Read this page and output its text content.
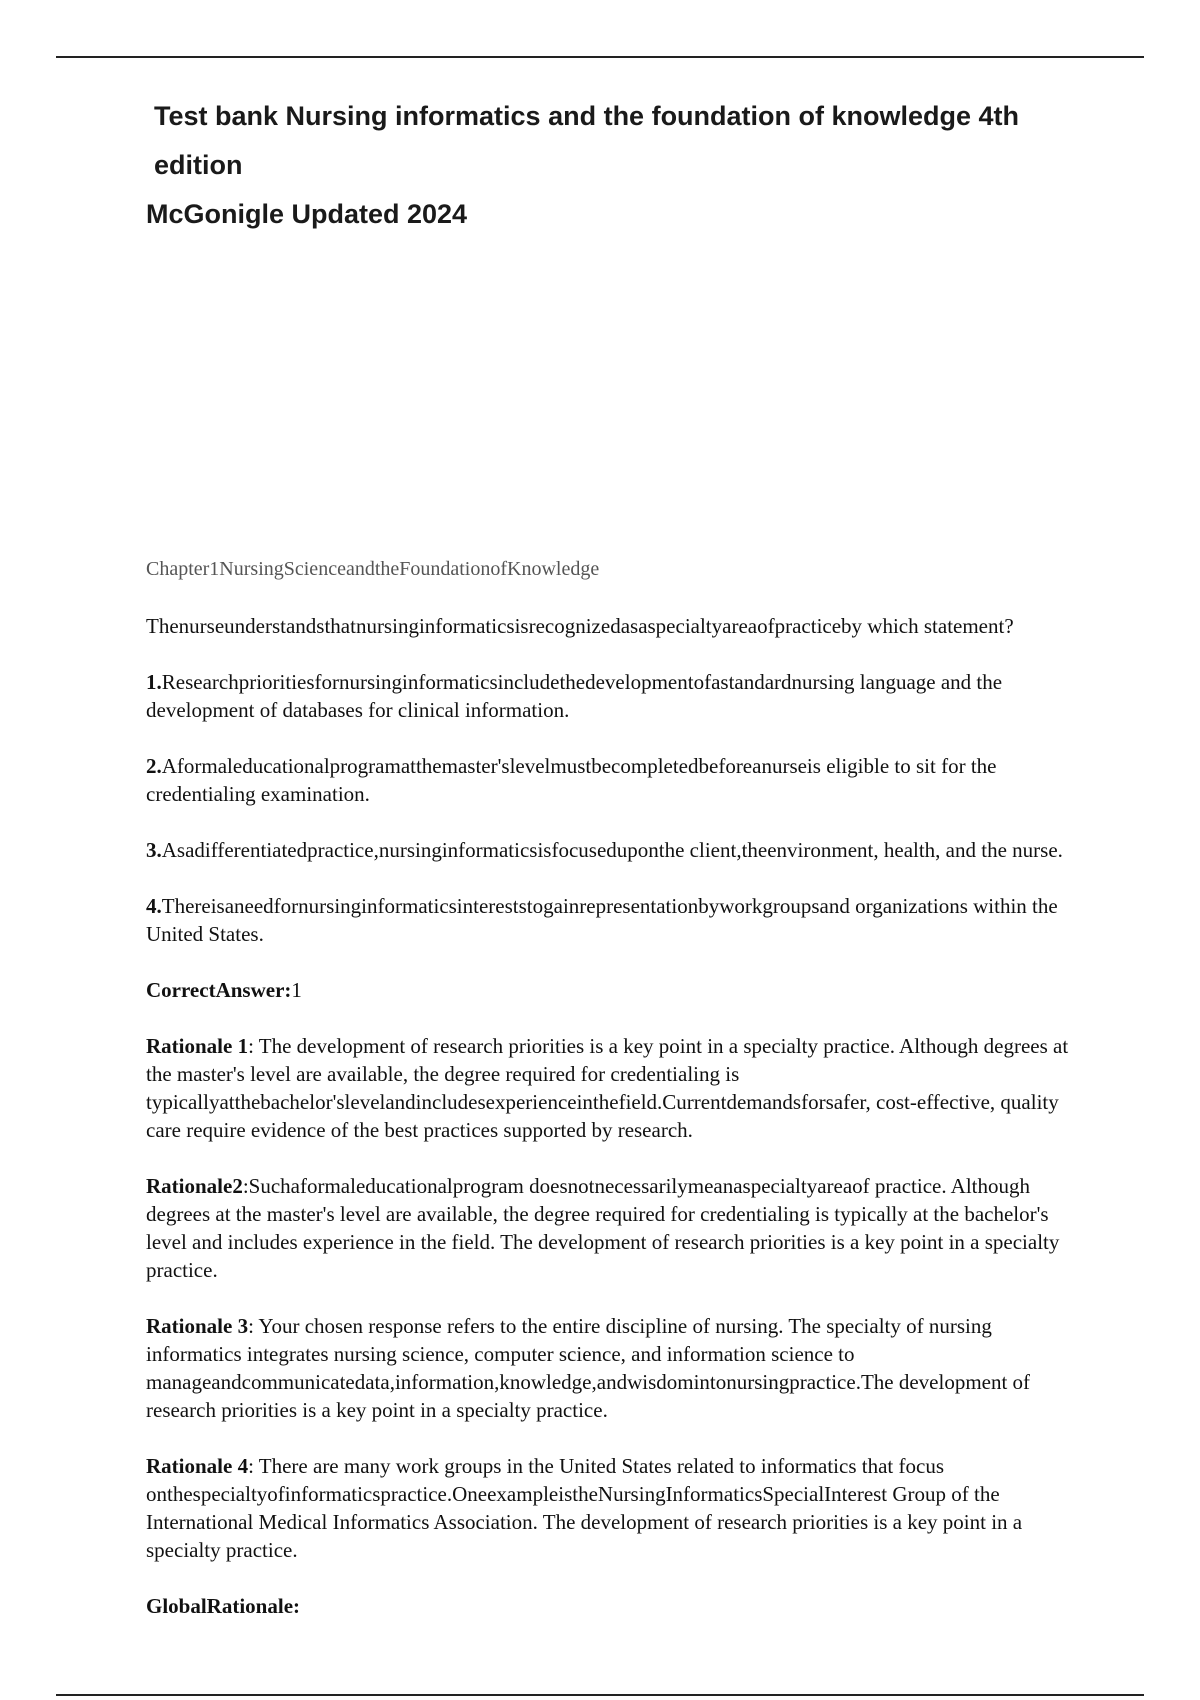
Test bank Nursing informatics and the foundation of knowledge 4th edition
McGonigle Updated 2024

Chapter1NursingScienceandtheFoundationofKnowledge

Thenurseunderstandsthatnursinginformaticsisrecognizedasaspecialtyareaofpracticeby which statement?

1.Researchprioritiesfornursinginformaticsincludethedevelopmentofastandardnursing language and the development of databases for clinical information.

2.Aformaleducationalprogramatthemaster'slevelmustbecompletedbeforeanurseis eligible to sit for the credentialing examination.

3.Asadifferentiatedpractice,nursinginformaticsisfocuseduponthe client,theenvironment, health, and the nurse.

4.Thereisaneedfornursinginformaticsintereststogainrepresentationbyworkgroupsand organizations within the United States.

CorrectAnswer:1

Rationale 1: The development of research priorities is a key point in a specialty practice. Although degrees at the master's level are available, the degree required for credentialing is typicallyatthebachelor'slevelandincludesexperienceinthefield.Currentdemandsforsafer, cost-effective, quality care require evidence of the best practices supported by research.

Rationale2:Suchaformaleducationalprogram doesnotnecessarilymeanaspecialtyareaof practice. Although degrees at the master's level are available, the degree required for credentialing is typically at the bachelor's level and includes experience in the field. The development of research priorities is a key point in a specialty practice.

Rationale 3: Your chosen response refers to the entire discipline of nursing. The specialty of nursing informatics integrates nursing science, computer science, and information science to manageandcommunicatedata,information,knowledge,andwisdomintonursingpractice.The development of research priorities is a key point in a specialty practice.

Rationale 4: There are many work groups in the United States related to informatics that focus onthespecialtyofinformaticspractice.OneexampleistheNursingInformaticsSpecialInterest Group of the International Medical Informatics Association. The development of research priorities is a key point in a specialty practice.

GlobalRationale:
